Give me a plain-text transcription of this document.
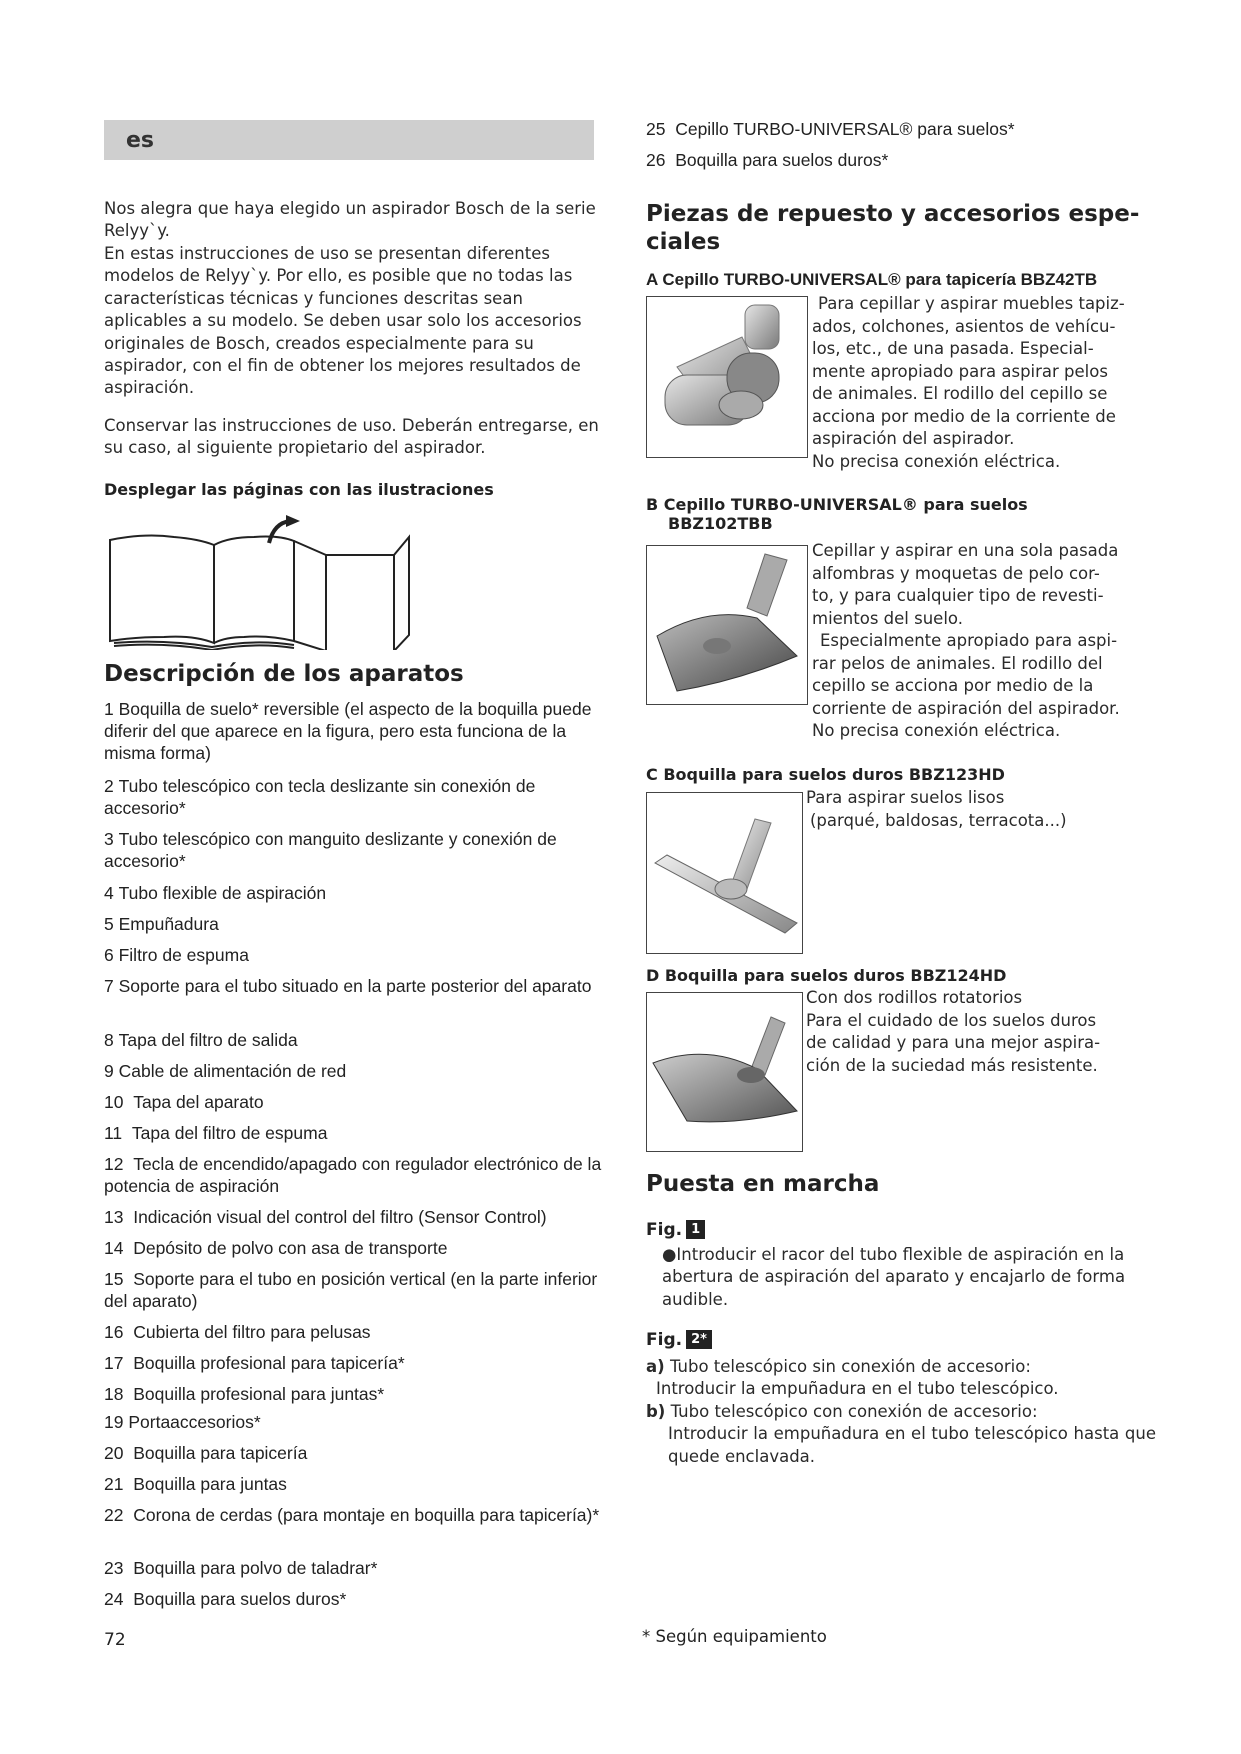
es

Nos alegra que haya elegido un aspirador Bosch de la serie Relyy`y.

En estas instrucciones de uso se presentan diferentes modelos de Relyy`y. Por ello, es posible que no todas las características técnicas y funciones descritas sean aplicables a su modelo. Se deben usar solo los accesorios originales de Bosch, creados especialmente para su aspirador, con el fin de obtener los mejores resultados de aspiración.

Conservar las instrucciones de uso. Deberán entregarse, en su caso, al siguiente propietario del aspirador.

Desplegar las páginas con las ilustraciones
Descripción de los aparatos
1 Boquilla de suelo* reversible (el aspecto de la boquilla puede diferir del que aparece en la figura, pero esta funciona de la misma forma)
2 Tubo telescópico con tecla deslizante sin conexión de accesorio*
3 Tubo telescópico con manguito deslizante y conexión de accesorio*
4 Tubo flexible de aspiración
5 Empuñadura
6 Filtro de espuma
7 Soporte para el tubo situado en la parte posterior del aparato
8 Tapa del filtro de salida
9 Cable de alimentación de red
10 Tapa del aparato
11 Tapa del filtro de espuma
12 Tecla de encendido/apagado con regulador electrónico de la potencia de aspiración
13 Indicación visual del control del filtro (Sensor Control)
14 Depósito de polvo con asa de transporte
15 Soporte para el tubo en posición vertical (en la parte inferior del aparato)
16 Cubierta del filtro para pelusas
17 Boquilla profesional para tapicería*
18 Boquilla profesional para juntas*
19 Portaaccesorios*
20 Boquilla para tapicería
21 Boquilla para juntas
22 Corona de cerdas (para montaje en boquilla para tapicería)*
23 Boquilla para polvo de taladrar*
24 Boquilla para suelos duros*
25 Cepillo TURBO-UNIVERSAL® para suelos*
26 Boquilla para suelos duros*
Piezas de repuesto y accesorios espe-
ciales
A Cepillo TURBO-UNIVERSAL® para tapicería BBZ42TB
Para cepillar y aspirar muebles tapiz-
ados, colchones, asientos de vehícu-
los, etc., de una pasada. Especial-
mente apropiado para aspirar pelos
de animales. El rodillo del cepillo se
acciona por medio de la corriente de
aspiración del aspirador.
No precisa conexión eléctrica.
B Cepillo TURBO-UNIVERSAL® para suelos
BBZ102TBB
Cepillar y aspirar en una sola pasada
alfombras y moquetas de pelo cor-
to, y para cualquier tipo de revesti-
mientos del suelo.
Especialmente apropiado para aspi-
rar pelos de animales. El rodillo del
cepillo se acciona por medio de la
corriente de aspiración del aspirador.
No precisa conexión eléctrica.
C Boquilla para suelos duros BBZ123HD
Para aspirar suelos lisos
(parqué, baldosas, terracota...)
D Boquilla para suelos duros BBZ124HD
Con dos rodillos rotatorios
Para el cuidado de los suelos duros
de calidad y para una mejor aspira-
ción de la suciedad más resistente.
Puesta en marcha
Fig. 1

●Introducir el racor del tubo flexible de aspiración en la abertura de aspiración del aparato y encajarlo de forma audible.

Fig. 2*
a) Tubo telescópico sin conexión de accesorio:
Introducir la empuñadura en el tubo telescópico.
b) Tubo telescópico con conexión de accesorio:
Introducir la empuñadura en el tubo telescópico hasta que quede enclavada.
72	* Según equipamiento
